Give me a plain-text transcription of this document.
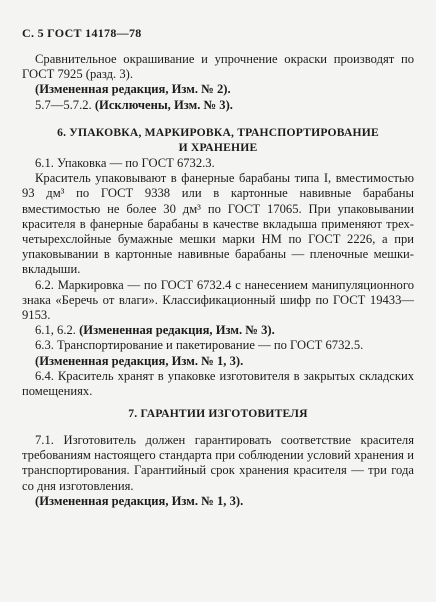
С. 5 ГОСТ 14178—78

Сравнительное окрашивание и упрочнение окраски производят по ГОСТ 7925 (разд. 3).

(Измененная редакция, Изм. № 2).

5.7—5.7.2. (Исключены, Изм. № 3).

6. УПАКОВКА, МАРКИРОВКА, ТРАНСПОРТИРОВАНИЕ

И ХРАНЕНИЕ

6.1. Упаковка — по ГОСТ 6732.3.

Краситель упаковывают в фанерные барабаны типа I, вместимостью 93 дм³ по ГОСТ 9338 или в картонные навивные барабаны вместимостью не более 30 дм³ по ГОСТ 17065. При упаковывании красителя в фанерные барабаны в качестве вкладыша применяют трех-четырехслойные бумажные мешки марки НМ по ГОСТ 2226, а при упаковывании в картонные навивные барабаны — пленочные мешки-вкладыши.

6.2. Маркировка — по ГОСТ 6732.4 с нанесением манипуляционного знака «Беречь от влаги». Классификационный шифр по ГОСТ 19433—9153.

6.1, 6.2. (Измененная редакция, Изм. № 3).

6.3. Транспортирование и пакетирование — по ГОСТ 6732.5.

(Измененная редакция, Изм. № 1, 3).

6.4. Краситель хранят в упаковке изготовителя в закрытых складских помещениях.

7. ГАРАНТИИ ИЗГОТОВИТЕЛЯ

7.1. Изготовитель должен гарантировать соответствие красителя требованиям настоящего стандарта при соблюдении условий хранения и транспортирования. Гарантийный срок хранения красителя — три года со дня изготовления.

(Измененная редакция, Изм. № 1, 3).
